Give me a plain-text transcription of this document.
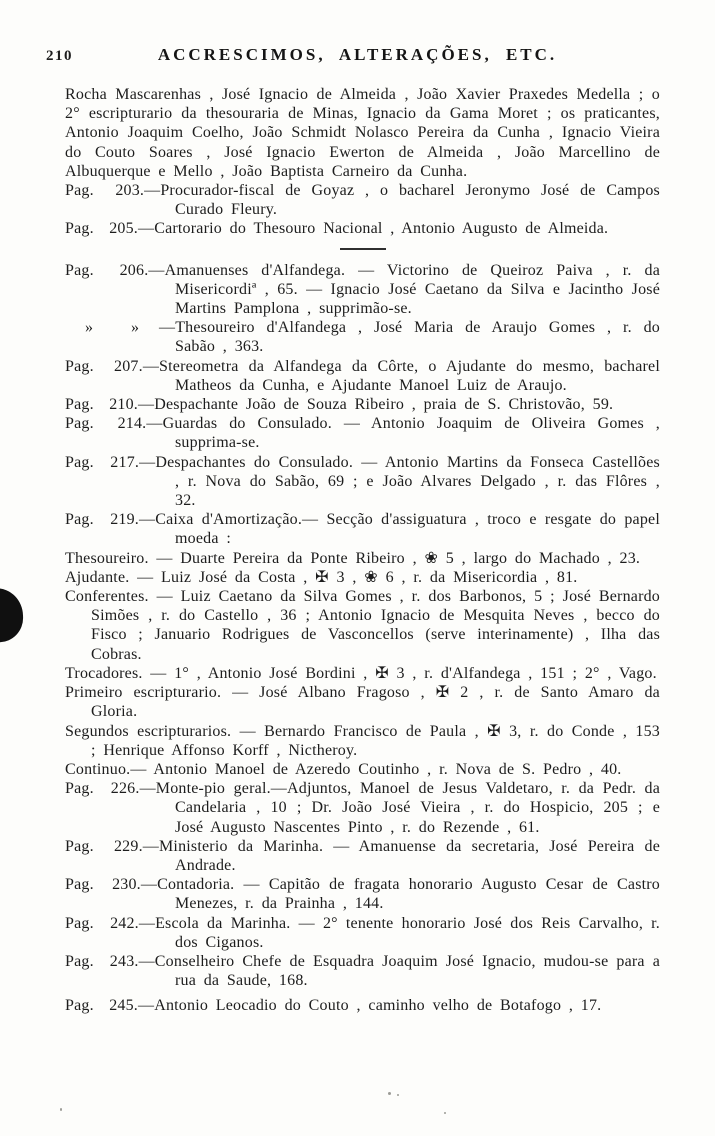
210	ACCRESCIMOS, ALTERAÇÕES, ETC.

Rocha Mascarenhas , José Ignacio de Almeida , João Xavier Praxedes Medella ; o 2° escripturario da thesouraria de Minas, Ignacio da Gama Moret ; os praticantes, Antonio Joaquim Coelho, João Schmidt Nolasco Pereira da Cunha , Ignacio Vieira do Couto Soares , José Ignacio Ewerton de Almeida , João Marcellino de Albuquerque e Mello , João Baptista Carneiro da Cunha.

Pag.  203.—Procurador-fiscal de Goyaz , o bacharel Jeronymo José de Campos Curado Fleury.

Pag.  205.—Cartorario do Thesouro Nacional , Antonio Augusto de Almeida.

Pag.  206.—Amanuenses d'Alfandega. — Victorino de Queiroz Paiva , r. da Misericordiª , 65. — Ignacio José Caetano da Silva e Jacintho José Martins Pamplona , supprimão-se.

» » —Thesoureiro d'Alfandega , José Maria de Araujo Gomes , r. do Sabão , 363.

Pag.  207.—Stereometra da Alfandega da Côrte, o Ajudante do mesmo, bacharel Matheos da Cunha, e Ajudante Manoel Luiz de Araujo.

Pag.  210.—Despachante João de Souza Ribeiro , praia de S. Christovão, 59.

Pag.  214.—Guardas do Consulado. — Antonio Joaquim de Oliveira Gomes , supprima-se.

Pag.  217.—Despachantes do Consulado. — Antonio Martins da Fonseca Castellões , r. Nova do Sabão, 69 ; e João Alvares Delgado , r. das Flôres , 32.

Pag.  219.—Caixa d'Amortização.— Secção d'assiguatura , troco e resgate do papel moeda :

Thesoureiro. — Duarte Pereira da Ponte Ribeiro , ❀ 5 , largo do Machado , 23.

Ajudante. — Luiz José da Costa , ✠ 3 , ❀ 6 , r. da Misericordia , 81.

Conferentes. — Luiz Caetano da Silva Gomes , r. dos Barbonos, 5 ; José Bernardo Simões , r. do Castello , 36 ; Antonio Ignacio de Mesquita Neves , becco do Fisco ; Januario Rodrigues de Vasconcellos (serve interinamente) , Ilha das Cobras.

Trocadores. — 1° , Antonio José Bordini , ✠ 3 , r. d'Alfandega , 151 ; 2° , Vago.

Primeiro escripturario. — José Albano Fragoso , ✠ 2 , r. de Santo Amaro da Gloria.

Segundos escripturarios. — Bernardo Francisco de Paula , ✠ 3, r. do Conde , 153 ; Henrique Affonso Korff , Nictheroy.

Continuo.— Antonio Manoel de Azeredo Coutinho , r. Nova de S. Pedro , 40.

Pag.  226.—Monte-pio geral.—Adjuntos, Manoel de Jesus Valdetaro, r. da Pedr. da Candelaria , 10 ; Dr. João José Vieira , r. do Hospicio, 205 ; e José Augusto Nascentes Pinto , r. do Rezende , 61.

Pag.  229.—Ministerio da Marinha. — Amanuense da secretaria, José Pereira de Andrade.

Pag.  230.—Contadoria. — Capitão de fragata honorario Augusto Cesar de Castro Menezes, r. da Prainha , 144.

Pag.  242.—Escola da Marinha. — 2° tenente honorario José dos Reis Carvalho, r. dos Ciganos.

Pag.  243.—Conselheiro Chefe de Esquadra Joaquim José Ignacio, mudou-se para a rua da Saude, 168.

Pag.  245.—Antonio Leocadio do Couto , caminho velho de Botafogo , 17.
